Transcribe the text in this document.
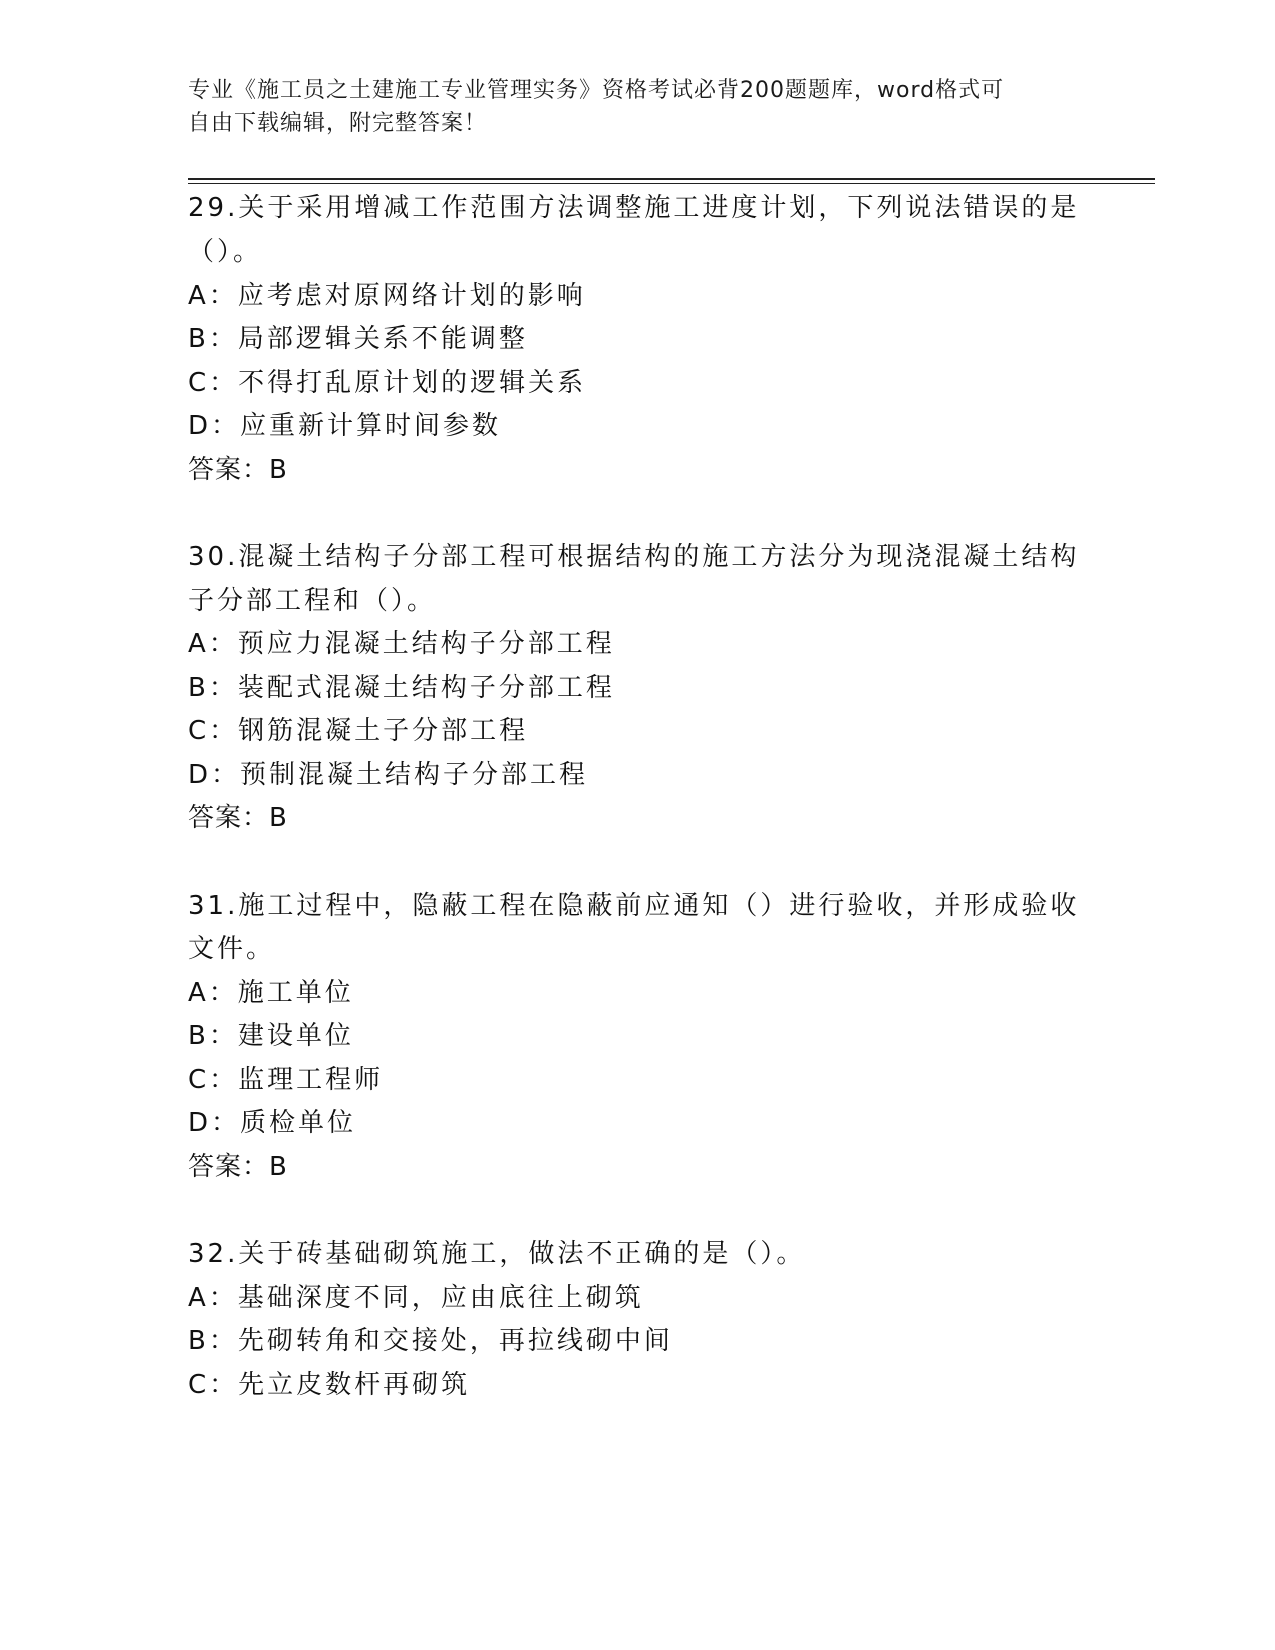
专业《施工员之土建施工专业管理实务》资格考试必背200题题库，word格式可
自由下载编辑，附完整答案！
29.关于采用增减工作范围方法调整施工进度计划，下列说法错误的是
（）。
A：应考虑对原网络计划的影响
B：局部逻辑关系不能调整
C：不得打乱原计划的逻辑关系
D：应重新计算时间参数
答案：B
30.混凝土结构子分部工程可根据结构的施工方法分为现浇混凝土结构
子分部工程和（）。
A：预应力混凝土结构子分部工程
B：装配式混凝土结构子分部工程
C：钢筋混凝土子分部工程
D：预制混凝土结构子分部工程
答案：B
31.施工过程中，隐蔽工程在隐蔽前应通知（）进行验收，并形成验收
文件。
A：施工单位
B：建设单位
C：监理工程师
D：质检单位
答案：B
32.关于砖基础砌筑施工，做法不正确的是（）。
A：基础深度不同，应由底往上砌筑
B：先砌转角和交接处，再拉线砌中间
C：先立皮数杆再砌筑
